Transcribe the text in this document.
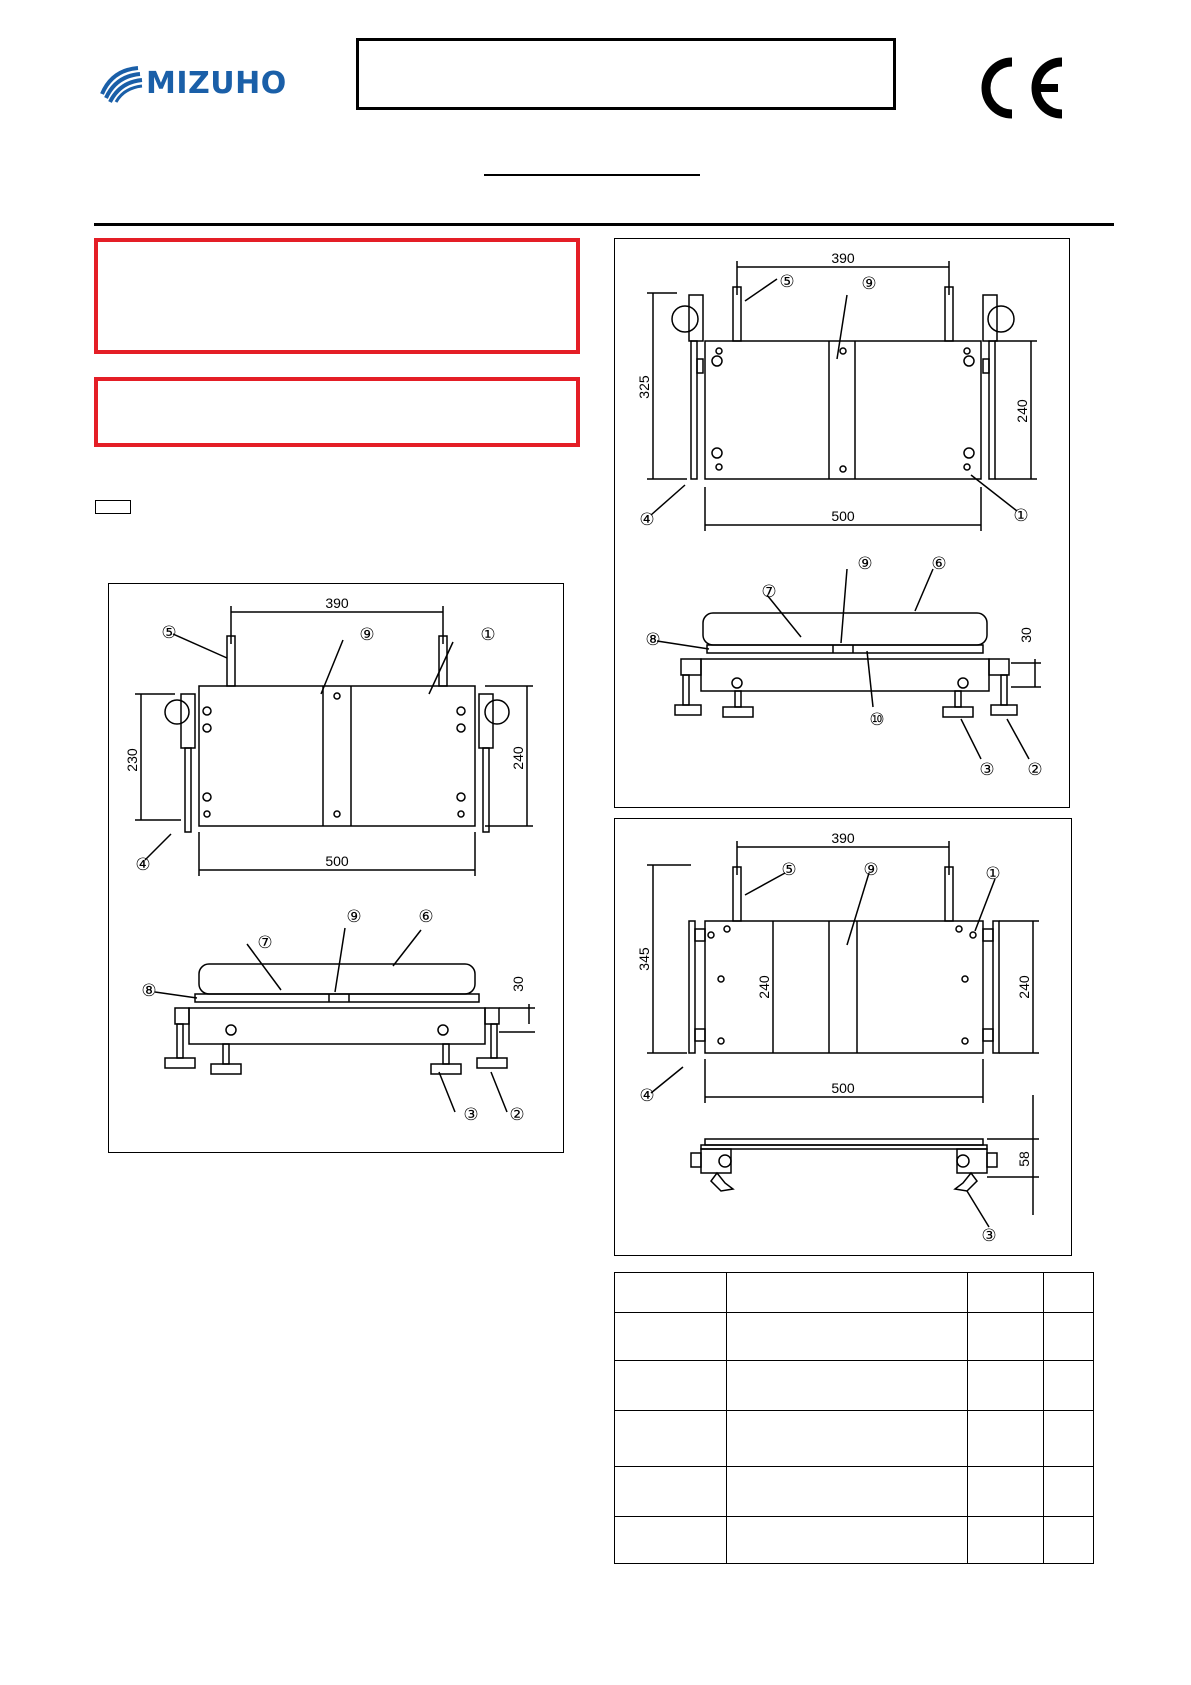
MIZUHO
390
230	240
500
30
⑤	⑨	①
④
⑨	⑥
⑦
⑧
③ ②
390
325
240
500
30
⑤	⑨
④	①
⑨	⑥
⑦
⑧
⑩
③ ②
390
345
240	240
500
58
⑤	⑨	①
④
③
